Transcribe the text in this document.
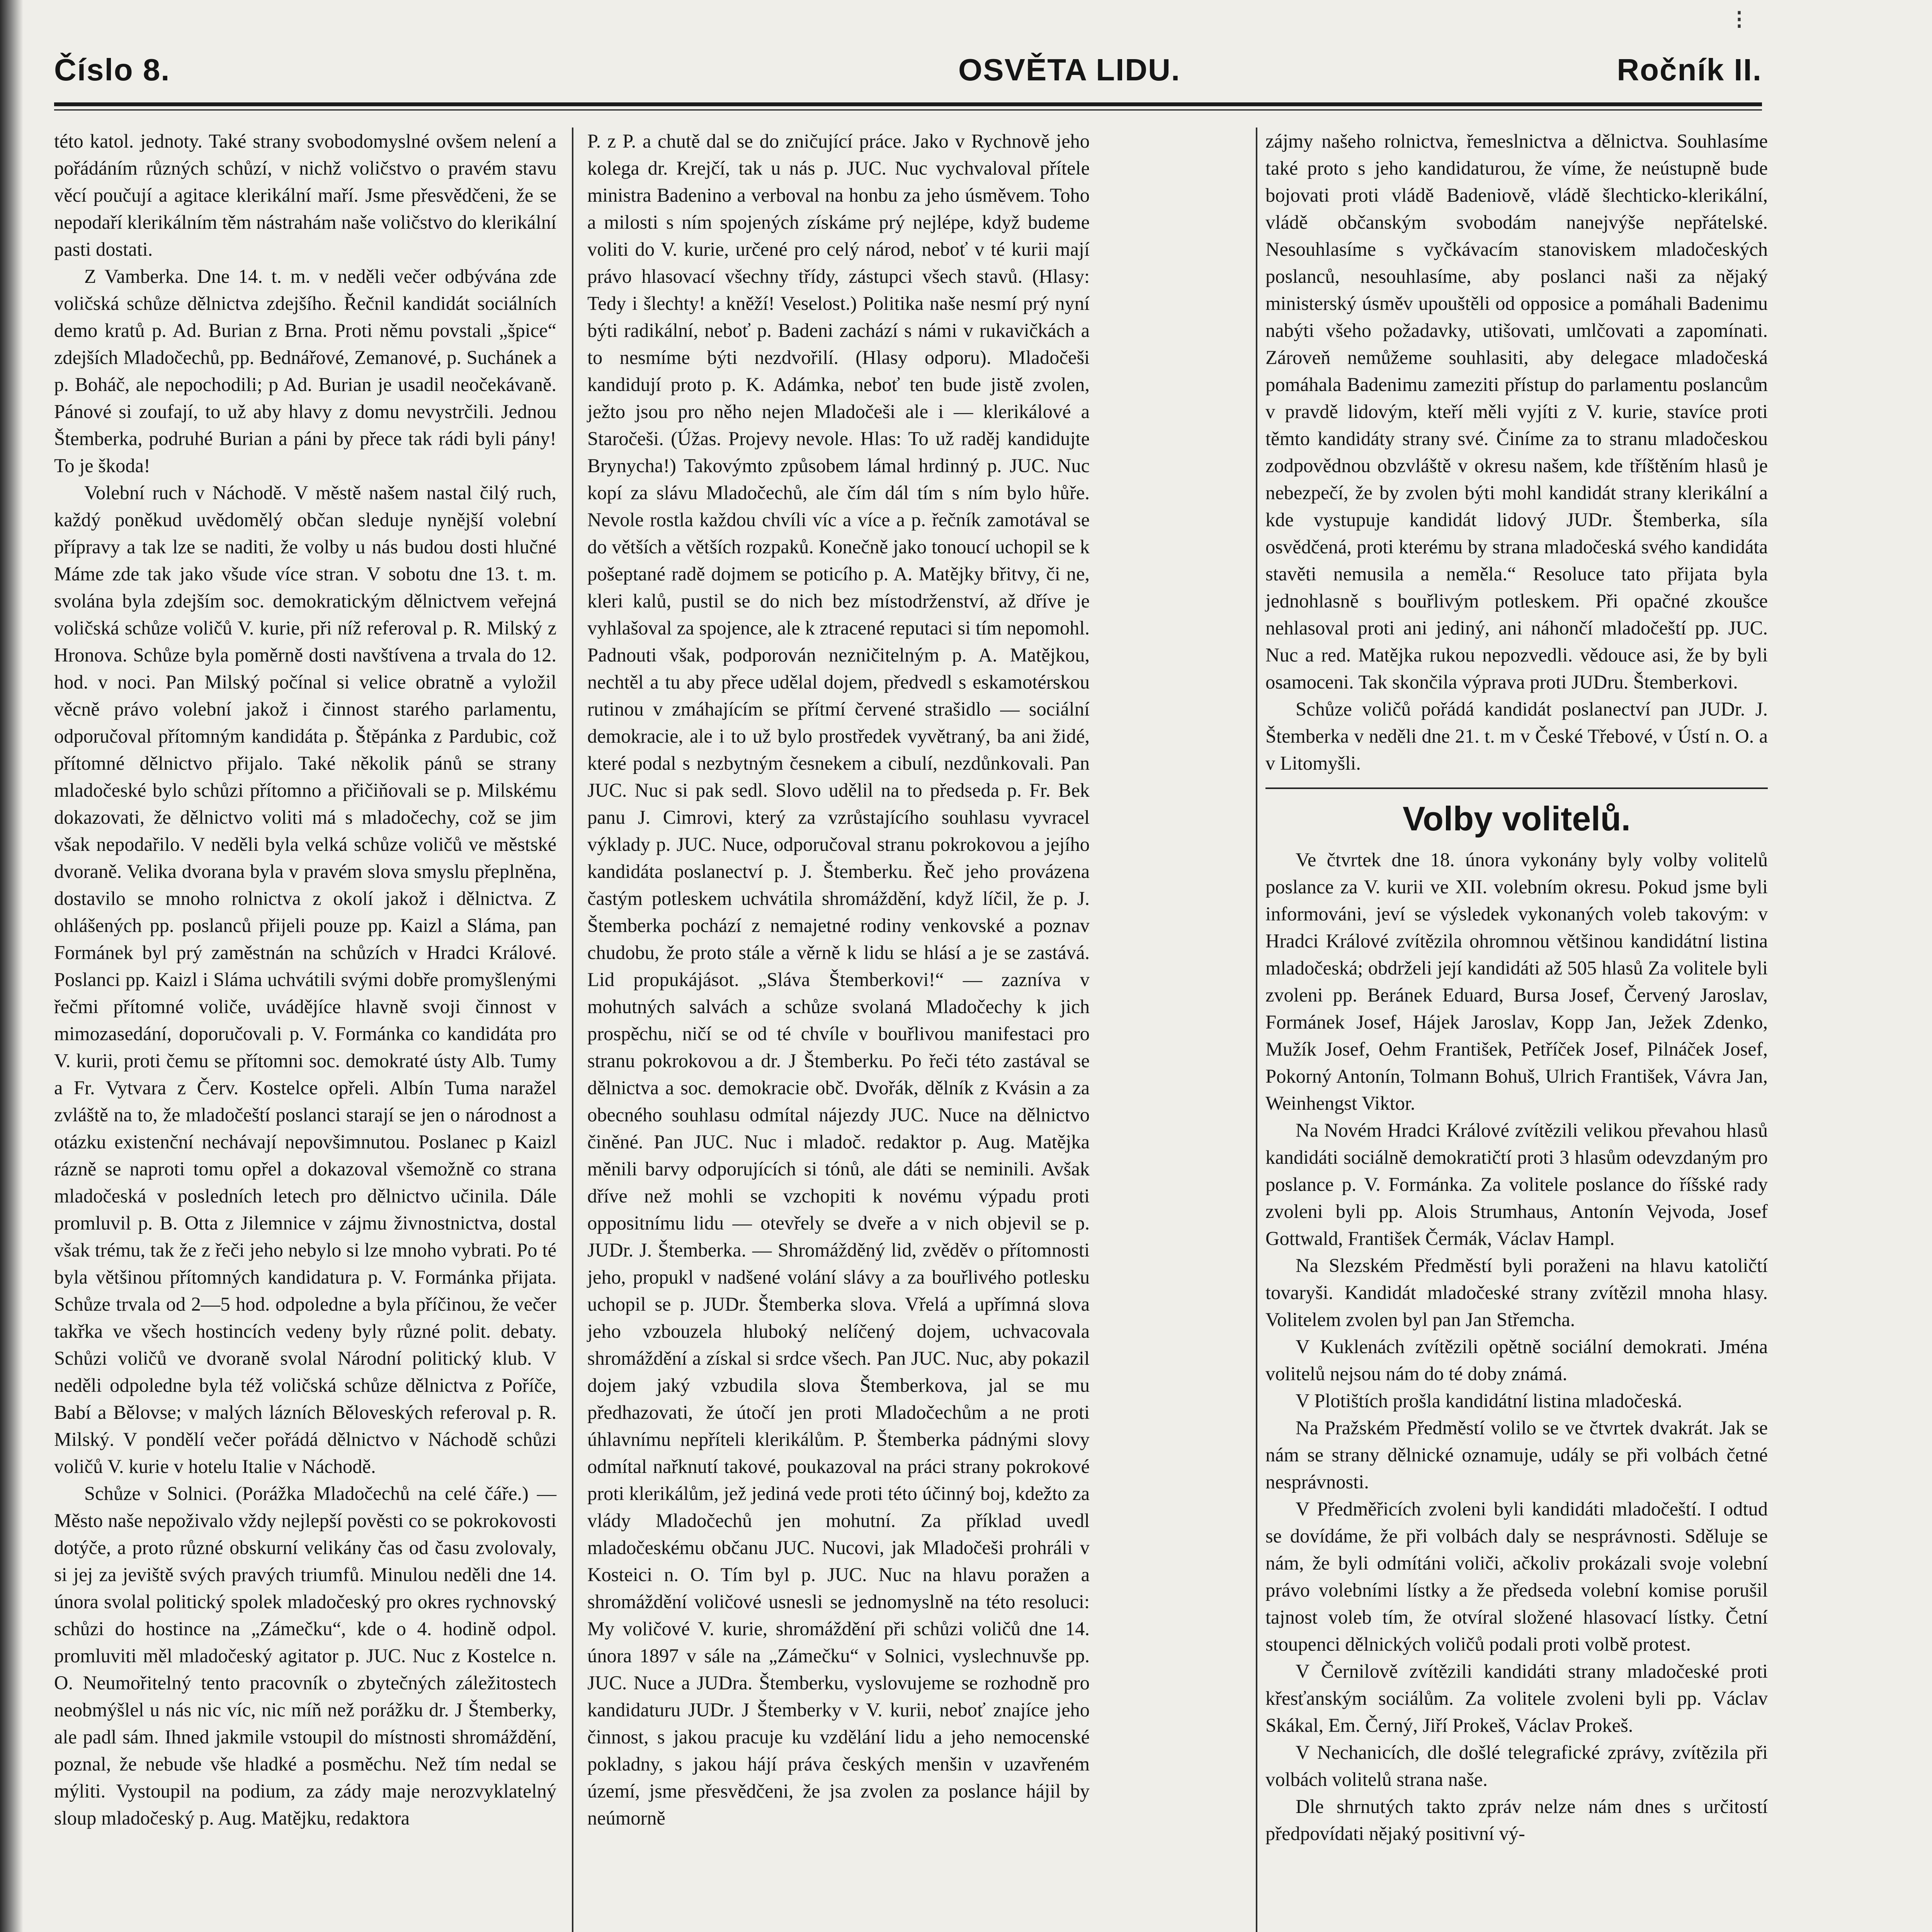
⁝
Číslo 8.	OSVĚTA LIDU.	Ročník II.

této katol. jednoty. Také strany svobodomyslné ovšem nelení a pořádáním různých schůzí, v nichž voličstvo o pravém stavu věcí poučují a agitace klerikální maří. Jsme přesvědčeni, že se nepodaří klerikálním těm nástrahám naše voličstvo do klerikální pasti dostati.

Z Vamberka. Dne 14. t. m. v neděli večer odbývána zde voličská schůze dělnictva zdejšího. Řečnil kandidát sociálních demo kratů p. Ad. Burian z Brna. Proti němu povstali „špice“ zdejších Mladočechů, pp. Bednářové, Zemanové, p. Suchánek a p. Boháč, ale nepochodili; p Ad. Burian je usadil neočekávaně. Pánové si zoufají, to už aby hlavy z domu nevystrčili. Jednou Štemberka, podruhé Burian a páni by přece tak rádi byli pány! To je škoda!

Volební ruch v Náchodě. V městě našem nastal čilý ruch, každý poněkud uvědomělý občan sleduje nynější volební přípravy a tak lze se naditi, že volby u nás budou dosti hlučné Máme zde tak jako všude více stran. V sobotu dne 13. t. m. svolána byla zdejším soc. demokratickým dělnictvem veřejná voličská schůze voličů V. kurie, při níž referoval p. R. Milský z Hronova. Schůze byla poměrně dosti navštívena a trvala do 12. hod. v noci. Pan Milský počínal si velice obratně a vyložil věcně právo volební jakož i činnost starého parlamentu, odporučoval přítomným kandidáta p. Štěpánka z Pardubic, což přítomné dělnictvo přijalo. Také několik pánů se strany mladočeské bylo schůzi přítomno a přičiňovali se p. Milskému dokazovati, že dělnictvo voliti má s mladočechy, což se jim však nepodařilo. V neděli byla velká schůze voličů ve městské dvoraně. Velika dvorana byla v pravém slova smyslu přeplněna, dostavilo se mnoho rolnictva z okolí jakož i dělnictva. Z ohlášených pp. poslanců přijeli pouze pp. Kaizl a Sláma, pan Formánek byl prý zaměstnán na schůzích v Hradci Králové. Poslanci pp. Kaizl i Sláma uchvátili svými dobře promyšlenými řečmi přítomné voliče, uvádějíce hlavně svoji činnost v mimozasedání, doporučovali p. V. Formánka co kandidáta pro V. kurii, proti čemu se přítomni soc. demokraté ústy Alb. Tumy a Fr. Vytvara z Červ. Kostelce opřeli. Albín Tuma naražel zvláště na to, že mladočeští poslanci starají se jen o národnost a otázku existenční nechávají nepovšimnutou. Poslanec p Kaizl rázně se naproti tomu opřel a dokazoval všemožně co strana mladočeská v posledních letech pro dělnictvo učinila. Dále promluvil p. B. Otta z Jilemnice v zájmu živnostnictva, dostal však trému, tak že z řeči jeho nebylo si lze mnoho vybrati. Po té byla většinou přítomných kandidatura p. V. Formánka přijata. Schůze trvala od 2—5 hod. odpoledne a byla příčinou, že večer takřka ve všech hostincích vedeny byly různé polit. debaty. Schůzi voličů ve dvoraně svolal Národní politický klub. V neděli odpoledne byla též voličská schůze dělnictva z Poříče, Babí a Bělovse; v malých lázních Běloveských referoval p. R. Milský. V pondělí večer pořádá dělnictvo v Náchodě schůzi voličů V. kurie v hotelu Italie v Náchodě.

Schůze v Solnici. (Porážka Mladočechů na celé čáře.) — Město naše nepoživalo vždy nejlepší pověsti co se pokrokovosti dotýče, a proto různé obskurní velikány čas od času zvolovaly, si jej za jeviště svých pravých triumfů. Minulou neděli dne 14. února svolal politický spolek mladočeský pro okres rychnovský schůzi do hostince na „Zámečku“, kde o 4. hodině odpol. promluviti měl mladočeský agitator p. JUC. Nuc z Kostelce n. O. Neumořitelný tento pracovník o zbytečných záležitostech neobmýšlel u nás nic víc, nic míň než porážku dr. J Štemberky, ale padl sám. Ihned jakmile vstoupil do místnosti shromáždění, poznal, že nebude vše hladké a posměchu. Než tím nedal se mýliti. Vystoupil na podium, za zády maje nerozvyklatelný sloup mladočeský p. Aug. Matějku, redaktora

P. z P. a chutě dal se do zničující práce. Jako v Rychnově jeho kolega dr. Krejčí, tak u nás p. JUC. Nuc vychvaloval přítele ministra Badenino a verboval na honbu za jeho úsměvem. Toho a milosti s ním spojených získáme prý nejlépe, když budeme voliti do V. kurie, určené pro celý národ, neboť v té kurii mají právo hlasovací všechny třídy, zástupci všech stavů. (Hlasy: Tedy i šlechty! a kněží! Veselost.) Politika naše nesmí prý nyní býti radikální, neboť p. Badeni zachází s námi v rukavičkách a to nesmíme býti nezdvořilí. (Hlasy odporu). Mladočeši kandidují proto p. K. Adámka, neboť ten bude jistě zvolen, ježto jsou pro něho nejen Mladočeši ale i — klerikálové a Staročeši. (Úžas. Projevy nevole. Hlas: To už raděj kandidujte Brynycha!) Takovýmto způsobem lámal hrdinný p. JUC. Nuc kopí za slávu Mladočechů, ale čím dál tím s ním bylo hůře. Nevole rostla každou chvíli víc a více a p. řečník zamotával se do větších a větších rozpaků. Konečně jako tonoucí uchopil se k pošeptané radě dojmem se poticího p. A. Matějky břitvy, či ne, kleri kalů, pustil se do nich bez místodrženství, až dříve je vyhlašoval za spojence, ale k ztracené reputaci si tím nepomohl. Padnouti však, podporován nezničitelným p. A. Matějkou, nechtěl a tu aby přece udělal dojem, předvedl s eskamotérskou rutinou v zmáhajícím se přítmí červené strašidlo — sociální demokracie, ale i to už bylo prostředek vyvětraný, ba ani židé, které podal s nezbytným česnekem a cibulí, nezdůnkovali. Pan JUC. Nuc si pak sedl. Slovo udělil na to předseda p. Fr. Bek panu J. Cimrovi, který za vzrůstajícího souhlasu vyvracel výklady p. JUC. Nuce, odporučoval stranu pokrokovou a jejího kandidáta poslanectví p. J. Štemberku. Řeč jeho provázena častým potleskem uchvátila shromáždění, když líčil, že p. J. Štemberka pochází z nemajetné rodiny venkovské a poznav chudobu, že proto stále a věrně k lidu se hlásí a je se zastává. Lid propukájásot. „Sláva Štemberkovi!“ — zazníva v mohutných salvách a schůze svolaná Mladočechy k jich prospěchu, ničí se od té chvíle v bouřlivou manifestaci pro stranu pokrokovou a dr. J Štemberku. Po řeči této zastával se dělnictva a soc. demokracie obč. Dvořák, dělník z Kvásin a za obecného souhlasu odmítal nájezdy JUC. Nuce na dělnictvo činěné. Pan JUC. Nuc i mladoč. redaktor p. Aug. Matějka měnili barvy odporujících si tónů, ale dáti se neminili. Avšak dříve než mohli se vzchopiti k novému výpadu proti oppositnímu lidu — otevřely se dveře a v nich objevil se p. JUDr. J. Štemberka. — Shromážděný lid, zvěděv o přítomnosti jeho, propukl v nadšené volání slávy a za bouřlivého potlesku uchopil se p. JUDr. Štemberka slova. Vřelá a upřímná slova jeho vzbouzela hluboký nelíčený dojem, uchvacovala shromáždění a získal si srdce všech. Pan JUC. Nuc, aby pokazil dojem jaký vzbudila slova Štemberkova, jal se mu předhazovati, že útočí jen proti Mladočechům a ne proti úhlavnímu nepříteli klerikálům. P. Štemberka pádnými slovy odmítal nařknutí takové, poukazoval na práci strany pokrokové proti klerikálům, jež jediná vede proti této účinný boj, kdežto za vlády Mladočechů jen mohutní. Za příklad uvedl mladočeskému občanu JUC. Nucovi, jak Mladočeši prohráli v Kosteici n. O. Tím byl p. JUC. Nuc na hlavu poražen a shromáždění voličové usnesli se jednomyslně na této resoluci: My voličové V. kurie, shromáždění při schůzi voličů dne 14. února 1897 v sále na „Zámečku“ v Solnici, vyslechnuvše pp. JUC. Nuce a JUDra. Štemberku, vyslovujeme se rozhodně pro kandidaturu JUDr. J Štemberky v V. kurii, neboť znajíce jeho činnost, s jakou pracuje ku vzdělání lidu a jeho nemocenské pokladny, s jakou hájí práva českých menšin v uzavřeném území, jsme přesvědčeni, že jsa zvolen za poslance hájil by neúmorně

zájmy našeho rolnictva, řemeslnictva a dělnictva. Souhlasíme také proto s jeho kandidaturou, že víme, že neústupně bude bojovati proti vládě Badeniově, vládě šlechticko-klerikální, vládě občanským svobodám nanejvýše nepřátelské. Nesouhlasíme s vyčkávacím stanoviskem mladočeských poslanců, nesouhlasíme, aby poslanci naši za nějaký ministerský úsměv upouštěli od opposice a pomáhali Badenimu nabýti všeho požadavky, utišovati, umlčovati a zapomínati. Zároveň nemůžeme souhlasiti, aby delegace mladočeská pomáhala Badenimu zameziti přístup do parlamentu poslancům v pravdě lidovým, kteří měli vyjíti z V. kurie, stavíce proti těmto kandidáty strany své. Činíme za to stranu mladočeskou zodpovědnou obzvláště v okresu našem, kde tříštěním hlasů je nebezpečí, že by zvolen býti mohl kandidát strany klerikální a kde vystupuje kandidát lidový JUDr. Štemberka, síla osvědčená, proti kterému by strana mladočeská svého kandidáta stavěti nemusila a neměla.“ Resoluce tato přijata byla jednohlasně s bouřlivým potleskem. Při opačné zkoušce nehlasoval proti ani jediný, ani náhončí mladočeští pp. JUC. Nuc a red. Matějka rukou nepozvedli. vědouce asi, že by byli osamoceni. Tak skončila výprava proti JUDru. Štemberkovi.

Schůze voličů pořádá kandidát poslanectví pan JUDr. J. Štemberka v neděli dne 21. t. m v České Třebové, v Ústí n. O. a v Litomyšli.

Volby volitelů.

Ve čtvrtek dne 18. února vykonány byly volby volitelů poslance za V. kurii ve XII. volebním okresu. Pokud jsme byli informováni, jeví se výsledek vykonaných voleb takovým: v Hradci Králové zvítězila ohromnou většinou kandidátní listina mladočeská; obdrželi její kandidáti až 505 hlasů Za volitele byli zvoleni pp. Beránek Eduard, Bursa Josef, Červený Jaroslav, Formánek Josef, Hájek Jaroslav, Kopp Jan, Ježek Zdenko, Mužík Josef, Oehm František, Petříček Josef, Pilnáček Josef, Pokorný Antonín, Tolmann Bohuš, Ulrich František, Vávra Jan, Weinhengst Viktor.

Na Novém Hradci Králové zvítězili velikou převahou hlasů kandidáti sociálně demokratičtí proti 3 hlasům odevzdaným pro poslance p. V. Formánka. Za volitele poslance do říšské rady zvoleni byli pp. Alois Strumhaus, Antonín Vejvoda, Josef Gottwald, František Čermák, Václav Hampl.

Na Slezském Předměstí byli poraženi na hlavu katoličtí tovaryši. Kandidát mladočeské strany zvítězil mnoha hlasy. Volitelem zvolen byl pan Jan Střemcha.

V Kuklenách zvítězili opětně sociální demokrati. Jména volitelů nejsou nám do té doby známá.

V Plotištích prošla kandidátní listina mladočeská.

Na Pražském Předměstí volilo se ve čtvrtek dvakrát. Jak se nám se strany dělnické oznamuje, udály se při volbách četné nesprávnosti.

V Předměřicích zvoleni byli kandidáti mladočeští. I odtud se dovídáme, že při volbách daly se nesprávnosti. Sděluje se nám, že byli odmítáni voliči, ačkoliv prokázali svoje volební právo volebními lístky a že předseda volební komise porušil tajnost voleb tím, že otvíral složené hlasovací lístky. Četní stoupenci dělnických voličů podali proti volbě protest.

V Černilově zvítězili kandidáti strany mladočeské proti křesťanským sociálům. Za volitele zvoleni byli pp. Václav Skákal, Em. Černý, Jiří Prokeš, Václav Prokeš.

V Nechanicích, dle došlé telegrafické zprávy, zvítězila při volbách volitelů strana naše.

Dle shrnutých takto zpráv nelze nám dnes s určitostí předpovídati nějaký positivní vý-
